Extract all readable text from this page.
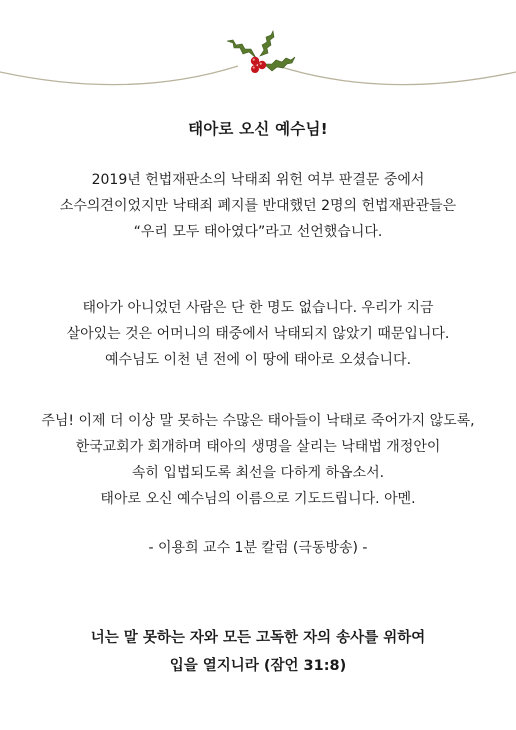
태아로 오신 예수님!
2019년 헌법재판소의 낙태죄 위헌 여부 판결문 중에서
소수의견이었지만 낙태죄 폐지를 반대했던 2명의 헌법재판관들은
“우리 모두 태아였다”라고 선언했습니다.
태아가 아니었던 사람은 단 한 명도 없습니다. 우리가 지금
살아있는 것은 어머니의 태중에서 낙태되지 않았기 때문입니다.
예수님도 이천 년 전에 이 땅에 태아로 오셨습니다.
주님! 이제 더 이상 말 못하는 수많은 태아들이 낙태로 죽어가지 않도록,
한국교회가 회개하며 태아의 생명을 살리는 낙태법 개정안이
속히 입법되도록 최선을 다하게 하옵소서.
태아로 오신 예수님의 이름으로 기도드립니다. 아멘.
- 이용희 교수 1분 칼럼 (극동방송) -
너는 말 못하는 자와 모든 고독한 자의 송사를 위하여
입을 열지니라 (잠언 31:8)
